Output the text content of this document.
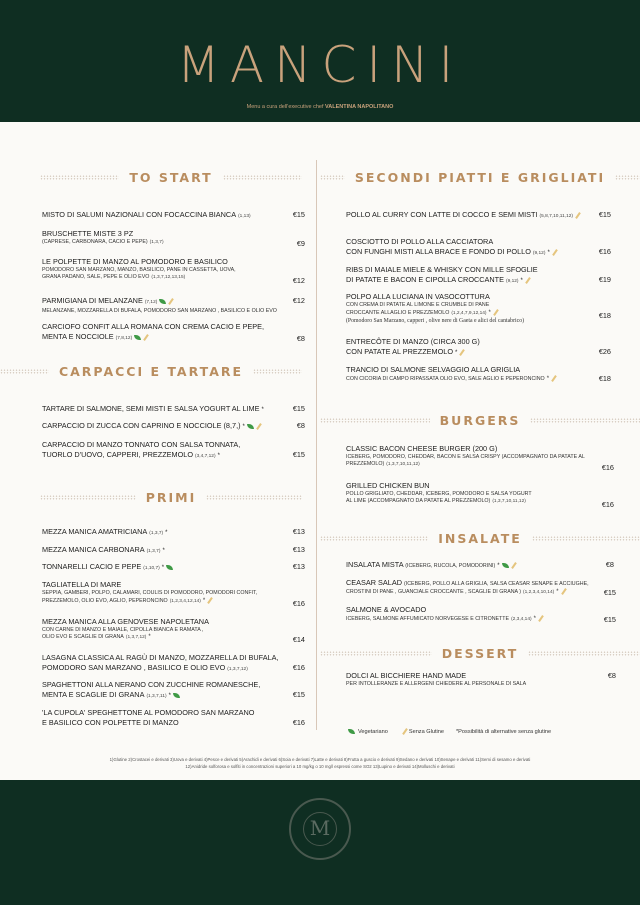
MANCINI
Menu a cura dell'executive chef VALENTINA NAPOLITANO
TO START
MISTO DI SALUMI NAZIONALI CON FOCACCINA BIANCA (1,13)	€15
BRUSCHETTE MISTE 3 PZ
(CAPRESE, CARBONARA, CACIO E PEPE) (1,3,7)	€9
LE POLPETTE DI MANZO AL POMODORO E BASILICO
POMODORO SAN MARZANO, MANZO, BASILICO, PANE IN CASSETTA, UOVA,
GRANA PADANO, SALE, PEPE E OLIO EVO (1,3,7,12,13,15)	€12
PARMIGIANA DI MELANZANE (7,12)
MELANZANE, MOZZARELLA DI BUFALA, POMODORO SAN MARZANO , BASILICO E OLIO EVO
€12
CARCIOFO CONFIT ALLA ROMANA CON CREMA CACIO E PEPE,
MENTA E NOCCIOLE (7,8,12)	€8
CARPACCI E TARTARE
TARTARE DI SALMONE, SEMI MISTI E SALSA YOGURT AL LIME *	€15
CARPACCIO DI ZUCCA CON CAPRINO E NOCCIOLE (8,7,) *	€8
CARPACCIO DI MANZO TONNATO CON SALSA TONNATA,
TUORLO D'UOVO, CAPPERI, PREZZEMOLO (3,4,7,12) *	€15
PRIMI
MEZZA MANICA AMATRICIANA (1,3,7) *	€13
MEZZA MANICA CARBONARA (1,3,7) *	€13
TONNARELLI CACIO E PEPE (1,10,7) *	€13
TAGLIATELLA DI MARE
SEPPIA, GAMBERI, POLPO, CALAMARI, COULIS DI POMODORO, POMODORI CONFIT,
PREZZEMOLO, OLIO EVO, AGLIO, PEPERONCINO (1,2,3,4,12,14) *	€16
MEZZA MANICA ALLA GENOVESE NAPOLETANA
CON CARNE DI MANZO E MAIALE, CIPOLLA BIANCA E RAMATA ,
OLIO EVO E SCAGLIE DI GRANA (1,3,7,12) *	€14
LASAGNA CLASSICA AL RAGÙ DI MANZO, MOZZARELLA DI BUFALA,
POMODORO SAN MARZANO , BASILICO E OLIO EVO (1,3,7,12)	€16
SPAGHETTONI ALLA NERANO CON ZUCCHINE ROMANESCHE,
MENTA E SCAGLIE DI GRANA (1,3,7,11) *	€15
'LA CUPOLA' SPEGHETTONE AL POMODORO SAN MARZANO
E BASILICO CON POLPETTE DI MANZO	€16
SECONDI PIATTI E GRIGLIATI
POLLO AL CURRY CON LATTE DI COCCO E SEMI MISTI (5,8,7,10,11,12)	€15
COSCIOTTO DI POLLO ALLA CACCIATORA
CON FUNGHI MISTI ALLA BRACE E FONDO DI POLLO (9,12) *	€16
RIBS DI MAIALE MIELE & WHISKY CON MILLE SFOGLIE
DI PATATE E BACON E CIPOLLA CROCCANTE (9,12) *	€19
POLPO ALLA LUCIANA IN VASOCOTTURA
CON CREMA DI PATATE AL LIMONE E CRUMBLE DI PANE
CROCCANTE ALLAGLIO E PREZZEMOLO (1,2,4,7,9,12,14) *
(Pomodoro San Marzano, capperi , olive nere di Gaeta e alici del cantabrico)
€18
ENTRECÔTE DI MANZO (CIRCA 300 G)
CON PATATE AL PREZZEMOLO *	€26
TRANCIO DI SALMONE SELVAGGIO ALLA GRIGLIA
CON CICORIA DI CAMPO RIPASSATA OLIO EVO, SALE AGLIO E PEPERONCINO *	€18
BURGERS
CLASSIC BACON CHEESE BURGER (200 G)
ICEBERG, POMODORO, CHEDDAR, BACON E SALSA CRISPY (ACCOMPAGNATO DA PATATE AL
PREZZEMOLO) (1,3,7,10,11,12)	€16
GRILLED CHICKEN BUN
POLLO GRIGLIATO, CHEDDAR, ICEBERG, POMODORO E SALSA YOGURT
AL LIME (ACCOMPAGNATO DA PATATE AL PREZZEMOLO) (1,3,7,10,11,12)	€16
INSALATE
INSALATA MISTA (ICEBERG, RUCOLA, POMODORINI) *	€8
CEASAR SALAD (ICEBERG, POLLO ALLA GRIGLIA, SALSA CEASAR SENAPE E ACCIUGHE,
CROSTINI DI PANE , GUANCIALE CROCCANTE , SCAGLIE DI GRANA ) (1,2,3,4,10,14) *	€15
SALMONE & AVOCADO
ICEBERG, SALMONE AFFUMICATO NORVEGESE E CITRONETTE (2,3,4,14) *	€15
DESSERT
DOLCI AL BICCHIERE HAND MADE
PER INTOLLERANZE E ALLERGENI CHIEDERE AL PERSONALE DI SALA
€8
Vegetariano	Senza Glutine *Possibilità di alternative senza glutine
1)Glutine 2)Crostacei e derivati 3)Uova e derivati 4)Pesce e derivati 5)Arachidi e derivati 6)Soia e derivati 7)Latte e derivati 8)Frutta a guscio e derivati 9)Sedano e derivati 10)Senape e derivati 11)Semi di sesamo e derivati
12)Anidride solforosa e solfiti in concentrazioni superiori a 10 mg/kg o 10 mg/l espressi come SO2 13)Lupino e derivati 14)Molluschi e derivati
M
